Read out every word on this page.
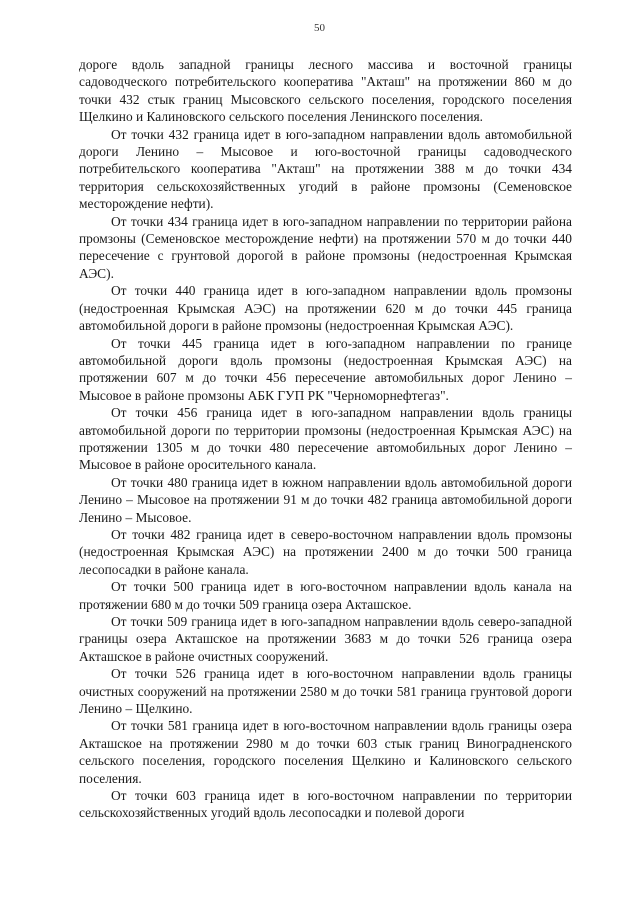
50

дороге вдоль западной границы лесного массива и восточной границы садоводческого потребительского кооператива "Акташ" на протяжении 860 м до точки 432 стык границ Мысовского сельского поселения, городского поселения Щелкино и Калиновского сельского поселения Ленинского поселения.

От точки 432 граница идет в юго-западном направлении вдоль автомобильной дороги Ленино – Мысовое и юго-восточной границы садоводческого потребительского кооператива "Акташ" на протяжении 388 м до точки 434 территория сельскохозяйственных угодий в районе промзоны (Семеновское месторождение нефти).

От точки 434 граница идет в юго-западном направлении по территории района промзоны (Семеновское месторождение нефти) на протяжении 570 м до точки 440 пересечение с грунтовой дорогой в районе промзоны (недостроенная Крымская АЭС).

От точки 440 граница идет в юго-западном направлении вдоль промзоны (недостроенная Крымская АЭС) на протяжении 620 м до точки 445 граница автомобильной дороги в районе промзоны (недостроенная Крымская АЭС).

От точки 445 граница идет в юго-западном направлении по границе автомобильной дороги вдоль промзоны (недостроенная Крымская АЭС) на протяжении 607 м до точки 456 пересечение автомобильных дорог Ленино – Мысовое в районе промзоны АБК ГУП РК "Черноморнефтегаз".

От точки 456 граница идет в юго-западном направлении вдоль границы автомобильной дороги по территории промзоны (недостроенная Крымская АЭС) на протяжении 1305 м до точки 480 пересечение автомобильных дорог Ленино – Мысовое в районе оросительного канала.

От точки 480 граница идет в южном направлении вдоль автомобильной дороги Ленино – Мысовое на протяжении 91 м до точки 482 граница автомобильной дороги Ленино – Мысовое.

От точки 482 граница идет в северо-восточном направлении вдоль промзоны (недостроенная Крымская АЭС) на протяжении 2400 м до точки 500 граница лесопосадки в районе канала.

От точки 500 граница идет в юго-восточном направлении вдоль канала на протяжении 680 м до точки 509 граница озера Акташское.

От точки 509 граница идет в юго-западном направлении вдоль северо-западной границы озера Акташское на протяжении 3683 м до точки 526 граница озера Акташское в районе очистных сооружений.

От точки 526 граница идет в юго-восточном направлении вдоль границы очистных сооружений на протяжении 2580 м до точки 581 граница грунтовой дороги Ленино – Щелкино.

От точки 581 граница идет в юго-восточном направлении вдоль границы озера Акташское на протяжении 2980 м до точки 603 стык границ Виноградненского сельского поселения, городского поселения Щелкино и Калиновского сельского поселения.

От точки 603 граница идет в юго-восточном направлении по территории сельскохозяйственных угодий вдоль лесопосадки и полевой дороги
